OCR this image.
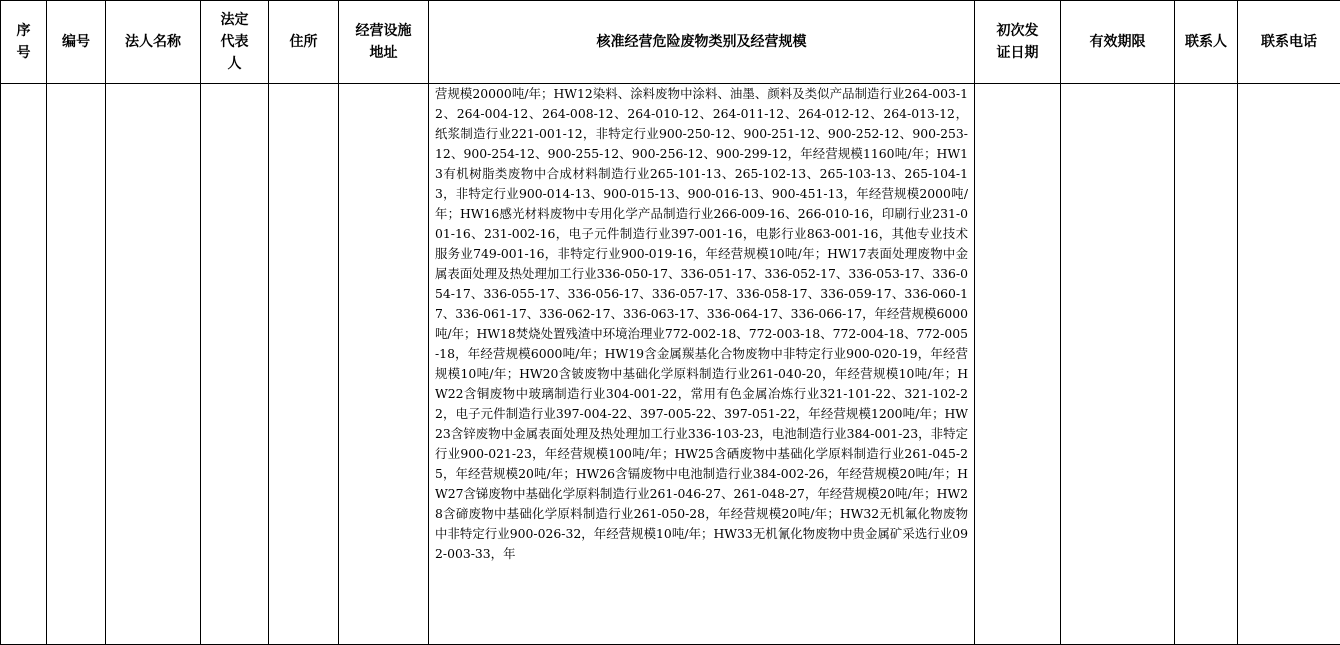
序号	编号	法人名称	法定代表人	住所	经营设施地址	核准经营危险废物类别及经营规模	初次发证日期	有效期限	联系人	联系电话

						营规模20000吨/年；HW12染料、涂料废物中涂料、油墨、颜料及类似产品制造行业264-003-12、264-004-12、264-008-12、264-010-12、264-011-12、264-012-12、264-013-12，纸浆制造行业221-001-12，非特定行业900-250-12、900-251-12、900-252-12、900-253-12、900-254-12、900-255-12、900-256-12、900-299-12，年经营规模1160吨/年；HW13有机树脂类废物中合成材料制造行业265-101-13、265-102-13、265-103-13、265-104-13，非特定行业900-014-13、900-015-13、900-016-13、900-451-13，年经营规模2000吨/年；HW16感光材料废物中专用化学产品制造行业266-009-16、266-010-16，印刷行业231-001-16、231-002-16，电子元件制造行业397-001-16，电影行业863-001-16，其他专业技术服务业749-001-16，非特定行业900-019-16，年经营规模10吨/年；HW17表面处理废物中金属表面处理及热处理加工行业336-050-17、336-051-17、336-052-17、336-053-17、336-054-17、336-055-17、336-056-17、336-057-17、336-058-17、336-059-17、336-060-17、336-061-17、336-062-17、336-063-17、336-064-17、336-066-17，年经营规模6000吨/年；HW18焚烧处置残渣中环境治理业772-002-18、772-003-18、772-004-18、772-005-18，年经营规模6000吨/年；HW19含金属羰基化合物废物中非特定行业900-020-19，年经营规模10吨/年；HW20含铍废物中基础化学原料制造行业261-040-20，年经营规模10吨/年；HW22含铜废物中玻璃制造行业304-001-22，常用有色金属冶炼行业321-101-22、321-102-22，电子元件制造行业397-004-22、397-005-22、397-051-22，年经营规模1200吨/年；HW23含锌废物中金属表面处理及热处理加工行业336-103-23，电池制造行业384-001-23，非特定行业900-021-23，年经营规模100吨/年；HW25含硒废物中基础化学原料制造行业261-045-25，年经营规模20吨/年；HW26含镉废物中电池制造行业384-002-26，年经营规模20吨/年；HW27含锑废物中基础化学原料制造行业261-046-27、261-048-27，年经营规模20吨/年；HW28含碲废物中基础化学原料制造行业261-050-28，年经营规模20吨/年；HW32无机氟化物废物中非特定行业900-026-32，年经营规模10吨/年；HW33无机氰化物废物中贵金属矿采选行业092-003-33，年				
